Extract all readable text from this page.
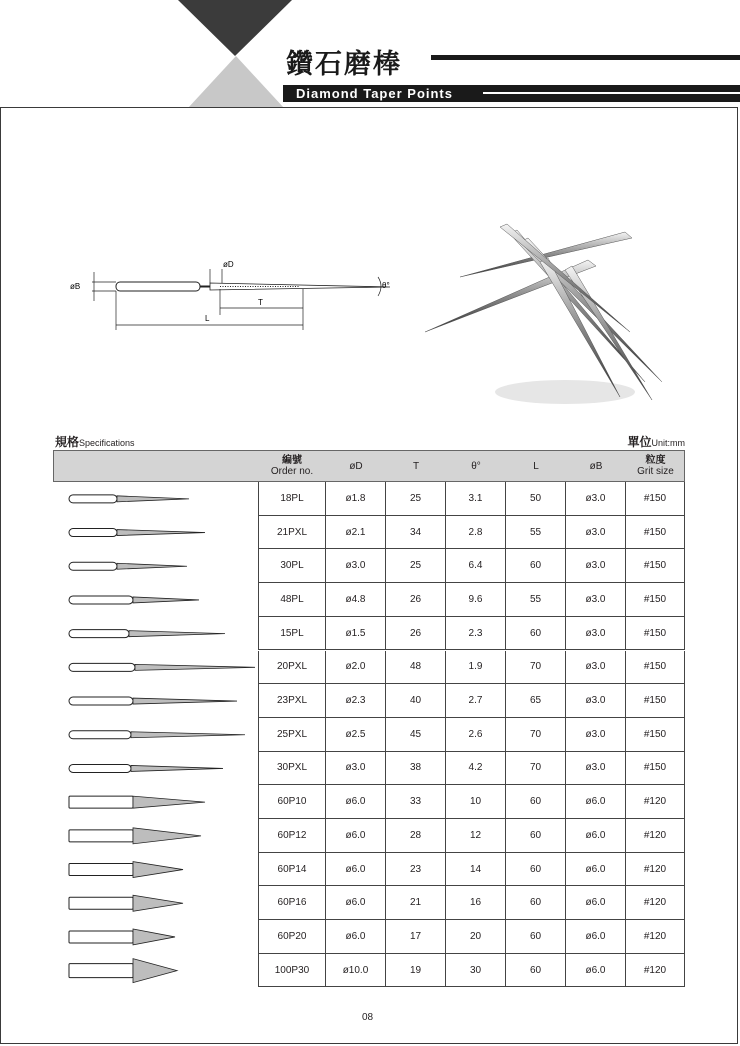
鑽石磨棒
Diamond Taper Points
øB
øD
T
L
θ°
規格Specifications	單位Unit:mm
編號
Order no.	øD	T	θ°	L	øB	粒度
Grit size
18PL	ø1.8	25	3.1	50	ø3.0	#150
21PXL	ø2.1	34	2.8	55	ø3.0	#150
30PL	ø3.0	25	6.4	60	ø3.0	#150
48PL	ø4.8	26	9.6	55	ø3.0	#150
15PL	ø1.5	26	2.3	60	ø3.0	#150
20PXL	ø2.0	48	1.9	70	ø3.0	#150
23PXL	ø2.3	40	2.7	65	ø3.0	#150
25PXL	ø2.5	45	2.6	70	ø3.0	#150
30PXL	ø3.0	38	4.2	70	ø3.0	#150
60P10	ø6.0	33	10	60	ø6.0	#120
60P12	ø6.0	28	12	60	ø6.0	#120
60P14	ø6.0	23	14	60	ø6.0	#120
60P16	ø6.0	21	16	60	ø6.0	#120
60P20	ø6.0	17	20	60	ø6.0	#120
100P30	ø10.0	19	30	60	ø6.0	#120
08
